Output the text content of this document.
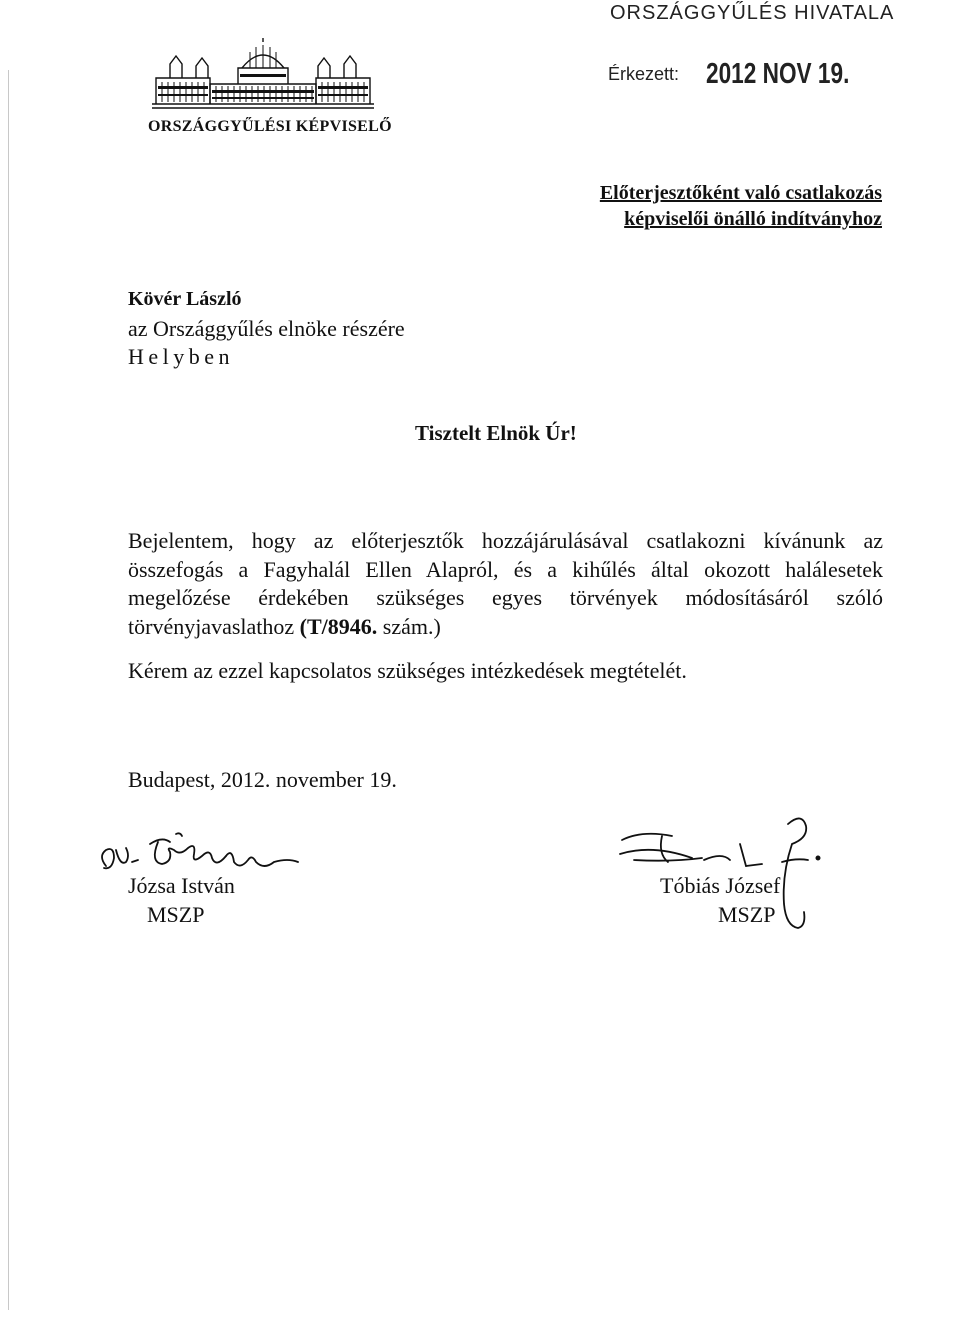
ORSZÁGGYŰLÉS HIVATALA
Érkezett: 2012 NOV 19.
ORSZÁGGYŰLÉSI KÉPVISELŐ
Előterjesztőként való csatlakozás
képviselői önálló indítványhoz
Kövér László
az Országgyűlés elnöke részére
Helyben
Tisztelt Elnök Úr!
Bejelentem, hogy az előterjesztők hozzájárulásával csatlakozni kívánunk az összefogás a Fagyhalál Ellen Alapról, és a kihűlés által okozott halálesetek megelőzése érdekében szükséges egyes törvények módosításáról szóló törvényjavaslathoz (T/8946. szám.)
Kérem az ezzel kapcsolatos szükséges intézkedések megtételét.
Budapest, 2012. november 19.
Józsa István
MSZP
Tóbiás József
MSZP
